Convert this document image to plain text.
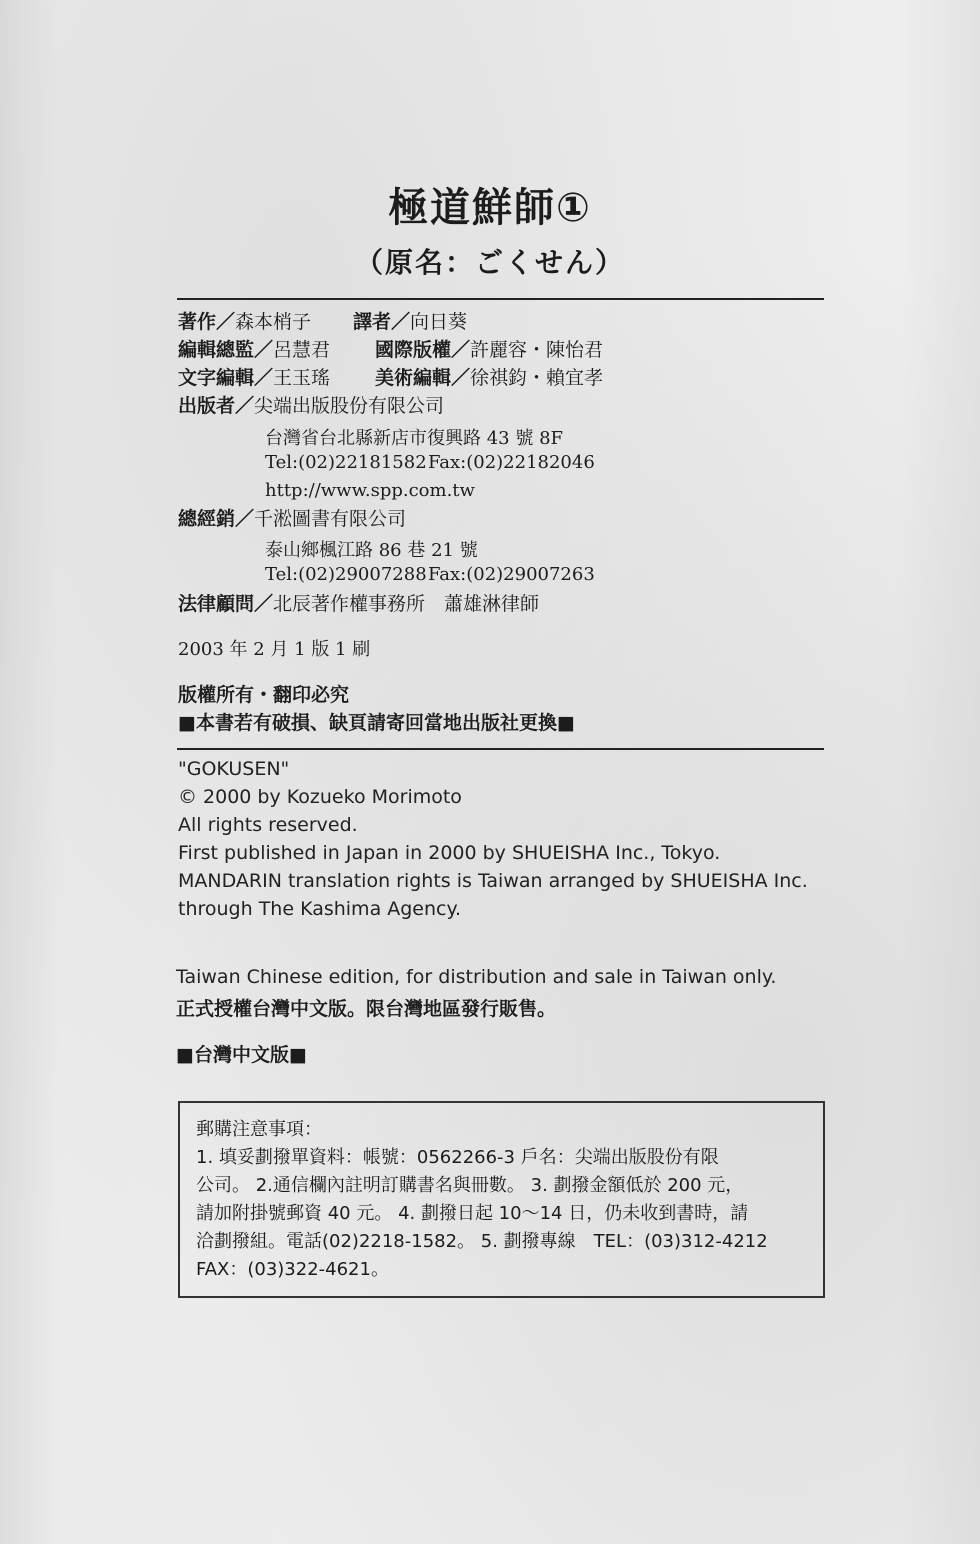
極道鮮師①
（原名：ごくせん）
著作／森本梢子 譯者／向日葵
編輯總監／呂慧君 國際版權／許麗容・陳怡君
文字編輯／王玉瑤 美術編輯／徐祺鈞・賴宜孝
出版者／尖端出版股份有限公司
台灣省台北縣新店市復興路 43 號 8F
Tel:(02)22181582 Fax:(02)22182046
http://www.spp.com.tw
總經銷／千淞圖書有限公司
泰山鄉楓江路 86 巷 21 號
Tel:(02)29007288 Fax:(02)29007263
法律顧問／北辰著作權事務所　蕭雄淋律師
2003 年 2 月 1 版 1 刷
版權所有・翻印必究
■本書若有破損、缺頁請寄回當地出版社更換■
"GOKUSEN"
© 2000 by Kozueko Morimoto
All rights reserved.
First published in Japan in 2000 by SHUEISHA Inc., Tokyo.
MANDARIN translation rights is Taiwan arranged by SHUEISHA Inc.
through The Kashima Agency.
Taiwan Chinese edition, for distribution and sale in Taiwan only.
正式授權台灣中文版。限台灣地區發行販售。
■台灣中文版■
郵購注意事項：
1. 填妥劃撥單資料：帳號：0562266-3 戶名：尖端出版股份有限
公司。 2.通信欄內註明訂購書名與冊數。 3. 劃撥金額低於 200 元，
請加附掛號郵資 40 元。 4. 劃撥日起 10～14 日，仍未收到書時，請
洽劃撥組。電話(02)2218-1582。 5. 劃撥專線　TEL：(03)312-4212
FAX：(03)322-4621。
